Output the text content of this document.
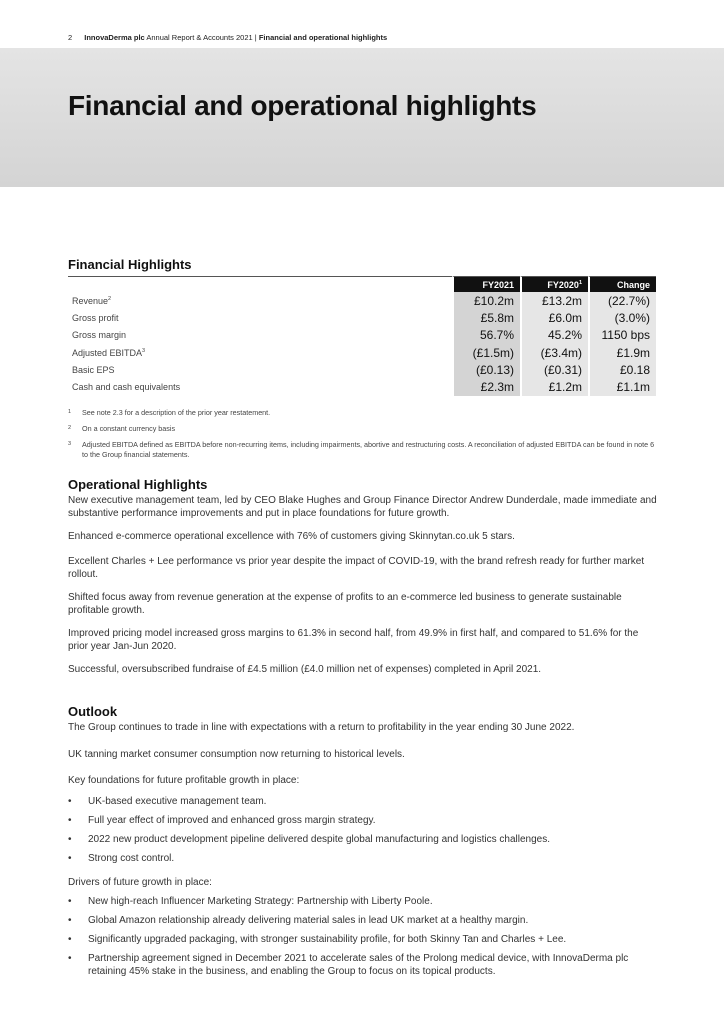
2 InnovaDerma plc Annual Report & Accounts 2021 | Financial and operational highlights
Financial and operational highlights
Financial Highlights
	FY2021	FY2020$^1$	Change
Revenue$^2$	£10.2m	£13.2m	(22.7%)
Gross profit	£5.8m	£6.0m	(3.0%)
Gross margin	56.7%	45.2%	1150 bps
Adjusted EBITDA$^3$	(£1.5m)	(£3.4m)	£1.9m
Basic EPS	(£0.13)	(£0.31)	£0.18
Cash and cash equivalents	£2.3m	£1.2m	£1.1m
1 See note 2.3 for a description of the prior year restatement.
2 On a constant currency basis
3 Adjusted EBITDA defined as EBITDA before non-recurring items, including impairments, abortive and restructuring costs. A reconciliation of adjusted EBITDA can be found in note 6 to the Group financial statements.
Operational Highlights

New executive management team, led by CEO Blake Hughes and Group Finance Director Andrew Dunderdale, made immediate and substantive performance improvements and put in place foundations for future growth.

Enhanced e-commerce operational excellence with 76% of customers giving Skinnytan.co.uk 5 stars.

Excellent Charles + Lee performance vs prior year despite the impact of COVID-19, with the brand refresh ready for further market rollout.

Shifted focus away from revenue generation at the expense of profits to an e-commerce led business to generate sustainable profitable growth.

Improved pricing model increased gross margins to 61.3% in second half, from 49.9% in first half, and compared to 51.6% for the prior year Jan-Jun 2020.

Successful, oversubscribed fundraise of £4.5 million (£4.0 million net of expenses) completed in April 2021.

Outlook

The Group continues to trade in line with expectations with a return to profitability in the year ending 30 June 2022.

UK tanning market consumer consumption now returning to historical levels.

Key foundations for future profitable growth in place:

• UK-based executive management team.
• Full year effect of improved and enhanced gross margin strategy.
• 2022 new product development pipeline delivered despite global manufacturing and logistics challenges.
• Strong cost control.

Drivers of future growth in place:

• New high-reach Influencer Marketing Strategy: Partnership with Liberty Poole.
• Global Amazon relationship already delivering material sales in lead UK market at a healthy margin.
• Significantly upgraded packaging, with stronger sustainability profile, for both Skinny Tan and Charles + Lee.
• Partnership agreement signed in December 2021 to accelerate sales of the Prolong medical device, with InnovaDerma plc retaining 45% stake in the business, and enabling the Group to focus on its topical products.
